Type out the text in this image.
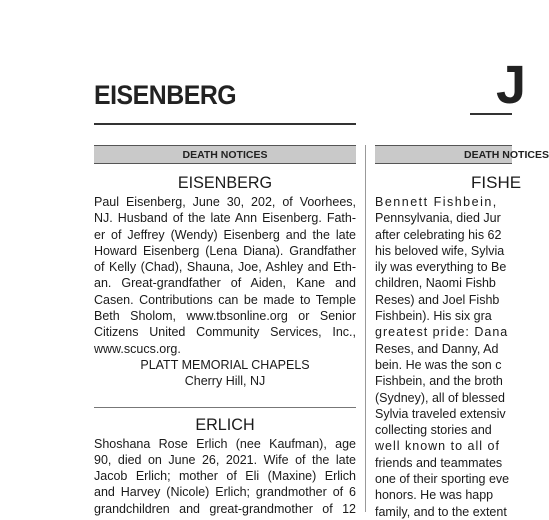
EISENBERG	J
DEATH NOTICES	DEATH NOTICES
EISENBERG
Paul Eisenberg, June 30, 202, of Voorhees,
NJ. Husband of the late Ann Eisenberg. Fath-
er of Jeffrey (Wendy) Eisenberg and the late
Howard Eisenberg (Lena Diana). Grandfather
of Kelly (Chad), Shauna, Joe, Ashley and Eth-
an. Great-grandfather of Aiden, Kane and
Casen. Contributions can be made to Temple
Beth Sholom, www.tbsonline.org or Senior
Citizens United Community Services, Inc.,
www.scucs.org.
PLATT MEMORIAL CHAPELS
Cherry Hill, NJ
ERLICH
Shoshana Rose Erlich (nee Kaufman), age
90, died on June 26, 2021. Wife of the late
Jacob Erlich; mother of Eli (Maxine) Erlich
and Harvey (Nicole) Erlich; grandmother of 6
grandchildren and great-grandmother of 12
FISHE
Bennett Fishbein,
Pennsylvania, died Jur
after celebrating his 62
his beloved wife, Sylvia
ily was everything to Be
children, Naomi Fishb
Reses) and Joel Fishb
Fishbein). His six gra
greatest pride: Dana
Reses, and Danny, Ad
bein. He was the son c
Fishbein, and the broth
(Sydney), all of blessed
Sylvia traveled extensiv
collecting stories and
well known to all of
friends and teammates
one of their sporting eve
honors. He was happ
family, and to the extent
